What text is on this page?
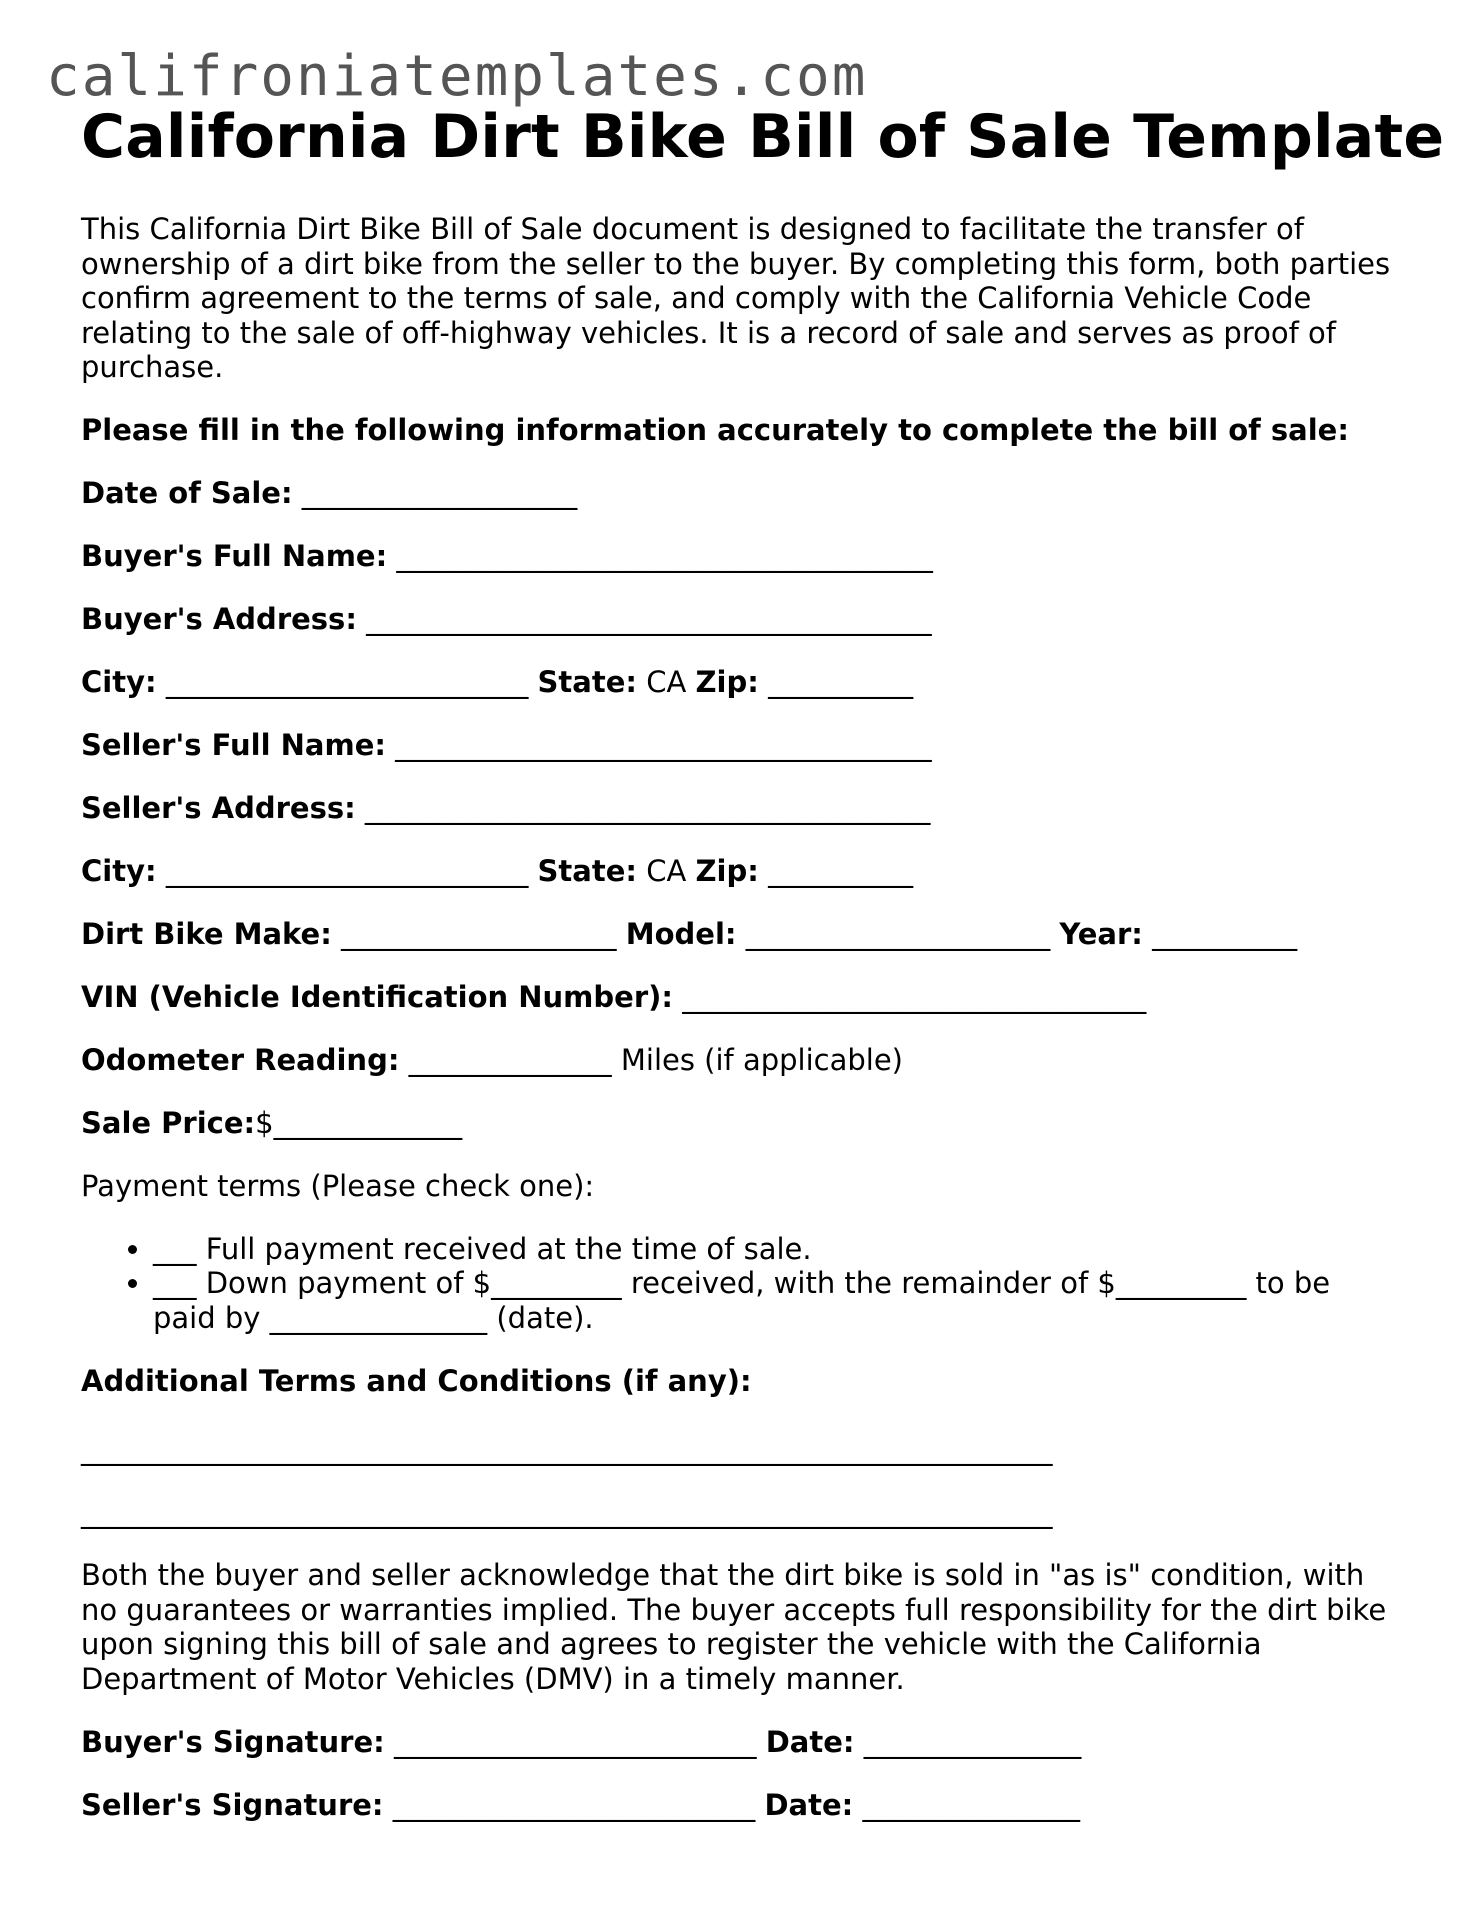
califroniatemplates.com
California Dirt Bike Bill of Sale Template

This California Dirt Bike Bill of Sale document is designed to facilitate the transfer of ownership of a dirt bike from the seller to the buyer. By completing this form, both parties confirm agreement to the terms of sale, and comply with the California Vehicle Code relating to the sale of off-highway vehicles. It is a record of sale and serves as proof of purchase.

Please fill in the following information accurately to complete the bill of sale:

Date of Sale: ___________________
Buyer's Full Name: _____________________________________
Buyer's Address: _______________________________________
City: _________________________ State: CA Zip: __________
Seller's Full Name: _____________________________________
Seller's Address: _______________________________________
City: _________________________ State: CA Zip: __________
Dirt Bike Make: ___________________ Model: _____________________ Year: __________
VIN (Vehicle Identification Number): ________________________________
Odometer Reading: ______________ Miles (if applicable)
Sale Price:$_____________
Payment terms (Please check one):
• ___ Full payment received at the time of sale.
• ___ Down payment of $_________ received, with the remainder of $_________ to be paid by _______________ (date).
Additional Terms and Conditions (if any):
___________________________________________________________________
___________________________________________________________________

Both the buyer and seller acknowledge that the dirt bike is sold in "as is" condition, with no guarantees or warranties implied. The buyer accepts full responsibility for the dirt bike upon signing this bill of sale and agrees to register the vehicle with the California Department of Motor Vehicles (DMV) in a timely manner.

Buyer's Signature: _________________________ Date: _______________
Seller's Signature: _________________________ Date: _______________
